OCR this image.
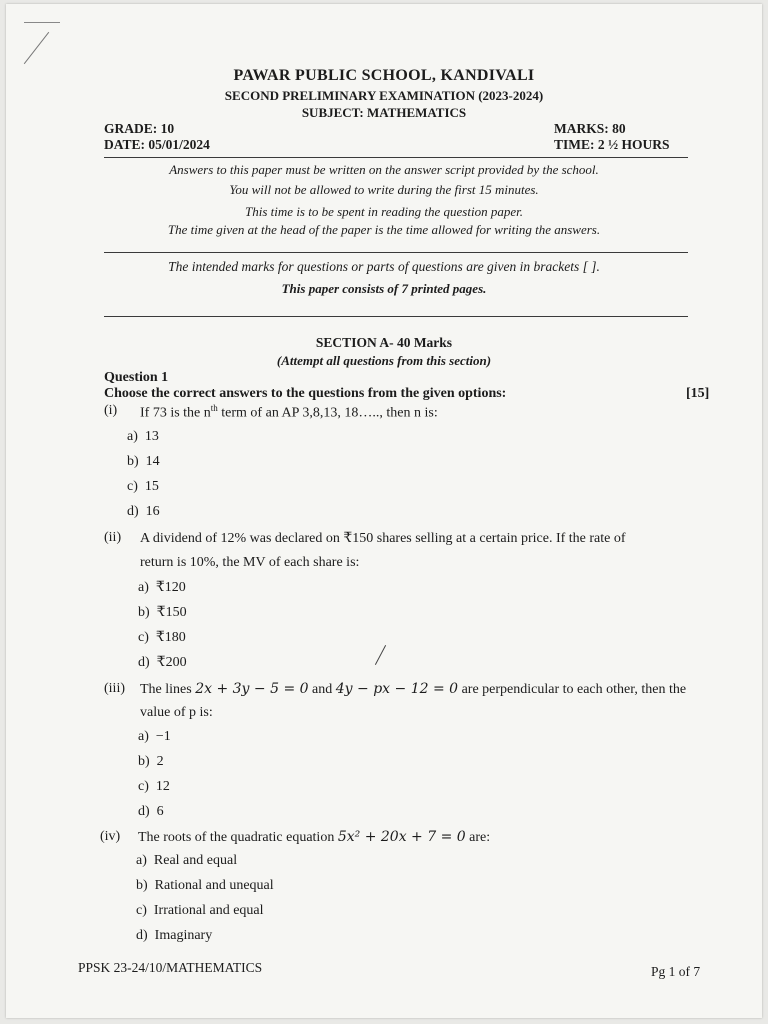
PAWAR PUBLIC SCHOOL, KANDIVALI
SECOND PRELIMINARY EXAMINATION (2023-2024)
SUBJECT: MATHEMATICS
GRADE: 10	MARKS: 80
DATE: 05/01/2024	TIME: 2 ½ HOURS
Answers to this paper must be written on the answer script provided by the school.
You will not be allowed to write during the first 15 minutes.
This time is to be spent in reading the question paper.
The time given at the head of the paper is the time allowed for writing the answers.
The intended marks for questions or parts of questions are given in brackets [ ].
This paper consists of 7 printed pages.
SECTION A- 40 Marks
(Attempt all questions from this section)
Question 1
Choose the correct answers to the questions from the given options:	[15]
(i) If 73 is the $n^{th}$ term of an AP 3,8,13, 18….., then n is:
a) 13
b) 14
c) 15
d) 16
(ii) A dividend of 12% was declared on ₹150 shares selling at a certain price. If the rate of
return is 10%, the MV of each share is:
a) ₹120
b) ₹150
c) ₹180
d) ₹200
(iii) The lines 2x + 3y − 5 = 0 and 4y − px − 12 = 0 are perpendicular to each other, then the
value of p is:
a) −1
b) 2
c) 12
d) 6
(iv) The roots of the quadratic equation 5x² + 20x + 7 = 0 are:
a) Real and equal
b) Rational and unequal
c) Irrational and equal
d) Imaginary
PPSK 23-24/10/MATHEMATICS	Pg 1 of 7
